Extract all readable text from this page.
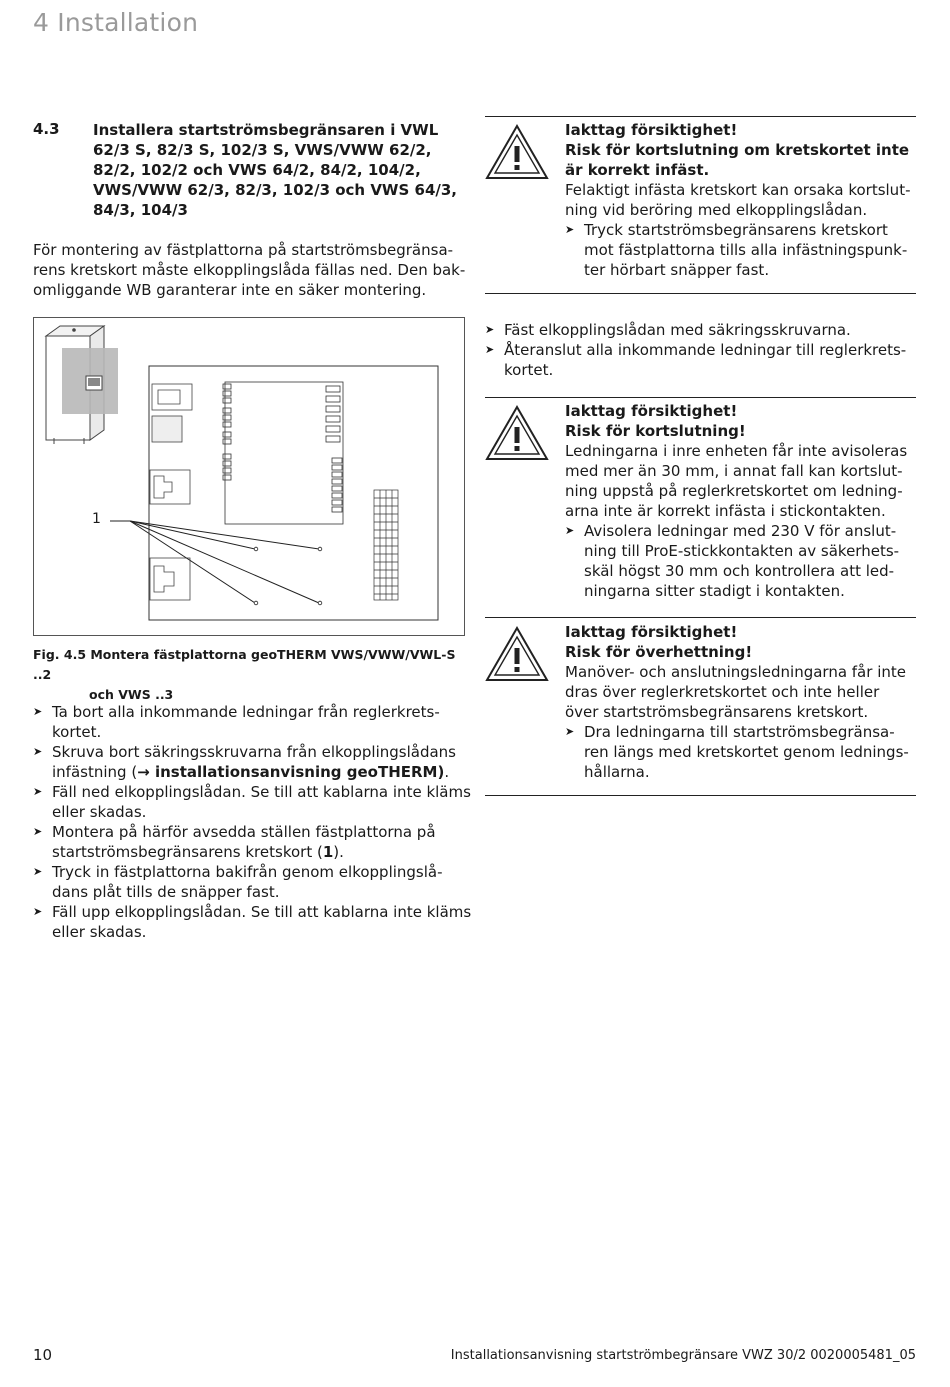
4 Installation
4.3 Installera startströmsbegränsaren i VWL 62/3 S, 82/3 S, 102/3 S, VWS/VWW 62/2, 82/2, 102/2 och VWS 64/2, 84/2, 104/2, VWS/VWW 62/3, 82/3, 102/3 och VWS 64/3, 84/3, 104/3
För montering av fästplattorna på startströmsbegränsa-rens kretskort måste elkopplingslåda fällas ned. Den bak-omliggande WB garanterar inte en säker montering.
1
Fig. 4.5 Montera fästplattorna geoTHERM VWS/VWW/VWL-S ..2
och VWS ..3
➤ Ta bort alla inkommande ledningar från reglerkrets-kortet.
➤ Skruva bort säkringsskruvarna från elkopplingslådans infästning (→ installationsanvisning geoTHERM).
➤ Fäll ned elkopplingslådan. Se till att kablarna inte kläms eller skadas.
➤ Montera på härför avsedda ställen fästplattorna på startströmsbegränsarens kretskort (1).
➤ Tryck in fästplattorna bakifrån genom elkopplingslå-dans plåt tills de snäpper fast.
➤ Fäll upp elkopplingslådan. Se till att kablarna inte kläms eller skadas.
Iakttag försiktighet!
Risk för kortslutning om kretskortet inte är korrekt infäst.
Felaktigt infästa kretskort kan orsaka kortslut-ning vid beröring med elkopplingslådan.
➤ Tryck startströmsbegränsarens kretskort mot fästplattorna tills alla infästningspunk-ter hörbart snäpper fast.
➤ Fäst elkopplingslådan med säkringsskruvarna.
➤ Återanslut alla inkommande ledningar till reglerkrets-kortet.
Iakttag försiktighet!
Risk för kortslutning!
Ledningarna i inre enheten får inte avisoleras med mer än 30 mm, i annat fall kan kortslut-ning uppstå på reglerkretskortet om ledning-arna inte är korrekt infästa i stickontakten.
➤ Avisolera ledningar med 230 V för anslut-ning till ProE-stickkontakten av säkerhets-skäl högst 30 mm och kontrollera att led-ningarna sitter stadigt i kontakten.
Iakttag försiktighet!
Risk för överhettning!
Manöver- och anslutningsledningarna får inte dras över reglerkretskortet och inte heller över startströmsbegränsarens kretskort.
➤ Dra ledningarna till startströmsbegränsa-ren längs med kretskortet genom lednings-hållarna.
10	Installationsanvisning startströmbegränsare VWZ 30/2 0020005481_05
